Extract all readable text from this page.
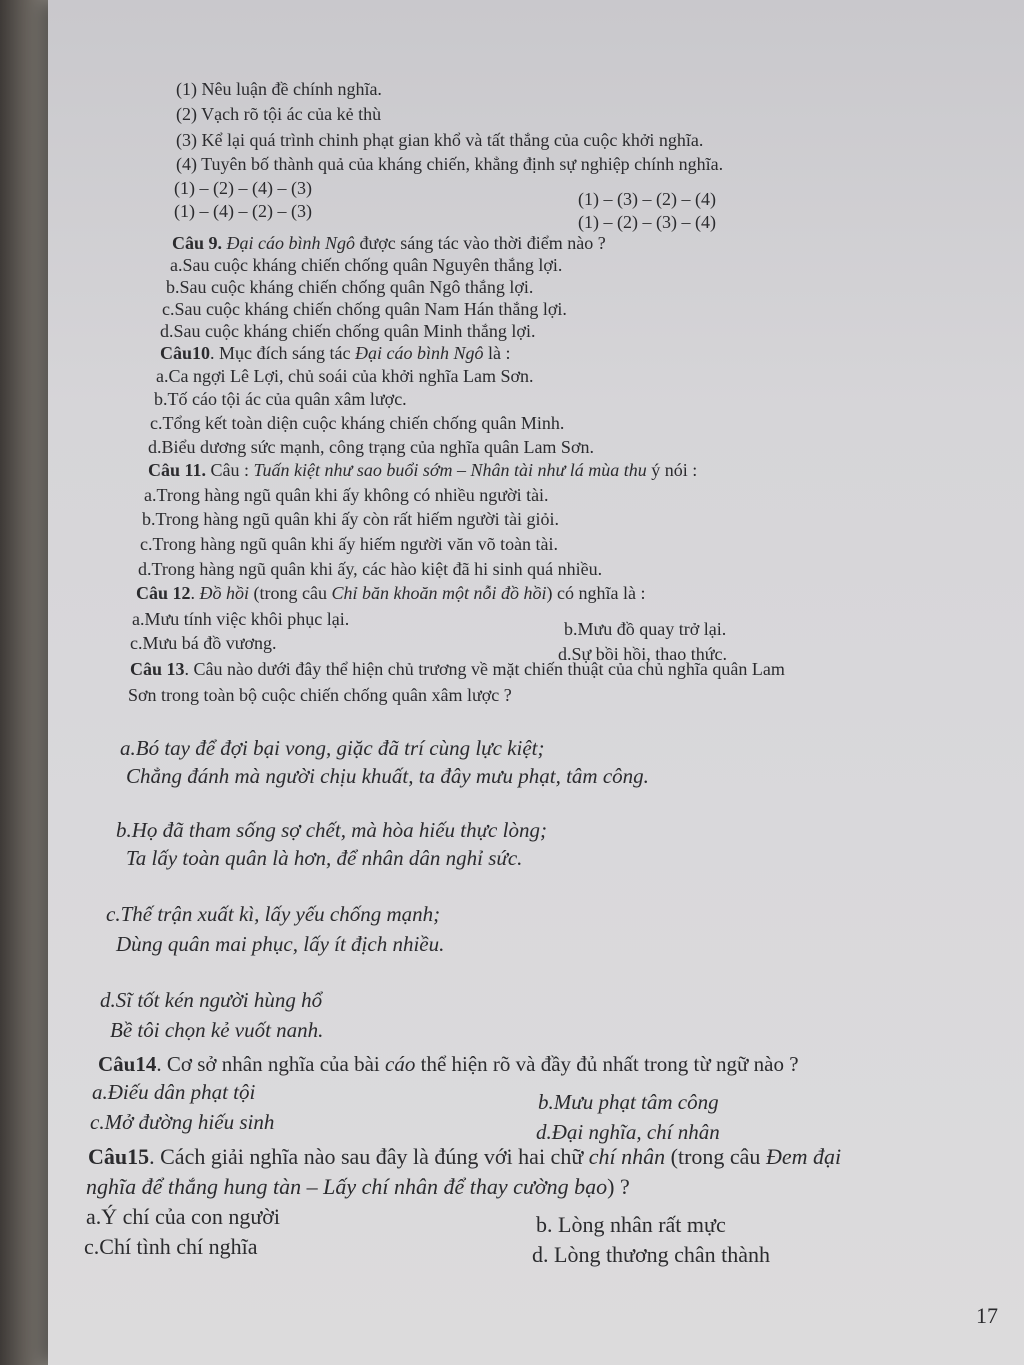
(1) Nêu luận đề chính nghĩa.
(2) Vạch rõ tội ác của kẻ thù
(3) Kể lại quá trình chinh phạt gian khổ và tất thắng của cuộc khởi nghĩa.
(4) Tuyên bố thành quả của kháng chiến, khẳng định sự nghiệp chính nghĩa.
(1) – (2) – (4) – (3)
(1) – (3) – (2) – (4)
(1) – (4) – (2) – (3)
(1) – (2) – (3) – (4)
Câu 9. Đại cáo bình Ngô được sáng tác vào thời điểm nào ?
a.Sau cuộc kháng chiến chống quân Nguyên thắng lợi.
b.Sau cuộc kháng chiến chống quân Ngô thắng lợi.
c.Sau cuộc kháng chiến chống quân Nam Hán thắng lợi.
d.Sau cuộc kháng chiến chống quân Minh thắng lợi.
Câu10. Mục đích sáng tác Đại cáo bình Ngô là :
a.Ca ngợi Lê Lợi, chủ soái của khởi nghĩa Lam Sơn.
b.Tố cáo tội ác của quân xâm lược.
c.Tổng kết toàn diện cuộc kháng chiến chống quân Minh.
d.Biểu dương sức mạnh, công trạng của nghĩa quân Lam Sơn.
Câu 11. Câu : Tuấn kiệt như sao buổi sớm – Nhân tài như lá mùa thu ý nói :
a.Trong hàng ngũ quân khi ấy không có nhiều người tài.
b.Trong hàng ngũ quân khi ấy còn rất hiếm người tài giỏi.
c.Trong hàng ngũ quân khi ấy hiếm người văn võ toàn tài.
d.Trong hàng ngũ quân khi ấy, các hào kiệt đã hi sinh quá nhiều.
Câu 12. Đồ hồi (trong câu Chỉ băn khoăn một nỗi đồ hồi) có nghĩa là :
a.Mưu tính việc khôi phục lại.	b.Mưu đồ quay trở lại.
c.Mưu bá đồ vương.
d.Sự bồi hồi, thao thức.
Câu 13. Câu nào dưới đây thể hiện chủ trương về mặt chiến thuật của chủ nghĩa quân Lam
Sơn trong toàn bộ cuộc chiến chống quân xâm lược ?
a.Bó tay để đợi bại vong, giặc đã trí cùng lực kiệt;
Chẳng đánh mà người chịu khuất, ta đây mưu phạt, tâm công.
b.Họ đã tham sống sợ chết, mà hòa hiếu thực lòng;
Ta lấy toàn quân là hơn, để nhân dân nghỉ sức.
c.Thế trận xuất kì, lấy yếu chống mạnh;
Dùng quân mai phục, lấy ít địch nhiều.
d.Sĩ tốt kén người hùng hổ
Bề tôi chọn kẻ vuốt nanh.
Câu14. Cơ sở nhân nghĩa của bài cáo thể hiện rõ và đầy đủ nhất trong từ ngữ nào ?
a.Điếu dân phạt tội	b.Mưu phạt tâm công
c.Mở đường hiếu sinh	d.Đại nghĩa, chí nhân
Câu15. Cách giải nghĩa nào sau đây là đúng với hai chữ chí nhân (trong câu Đem đại
nghĩa để thắng hung tàn – Lấy chí nhân để thay cường bạo) ?
a.Ý chí của con người	b. Lòng nhân rất mực
c.Chí tình chí nghĩa	d. Lòng thương chân thành
17
